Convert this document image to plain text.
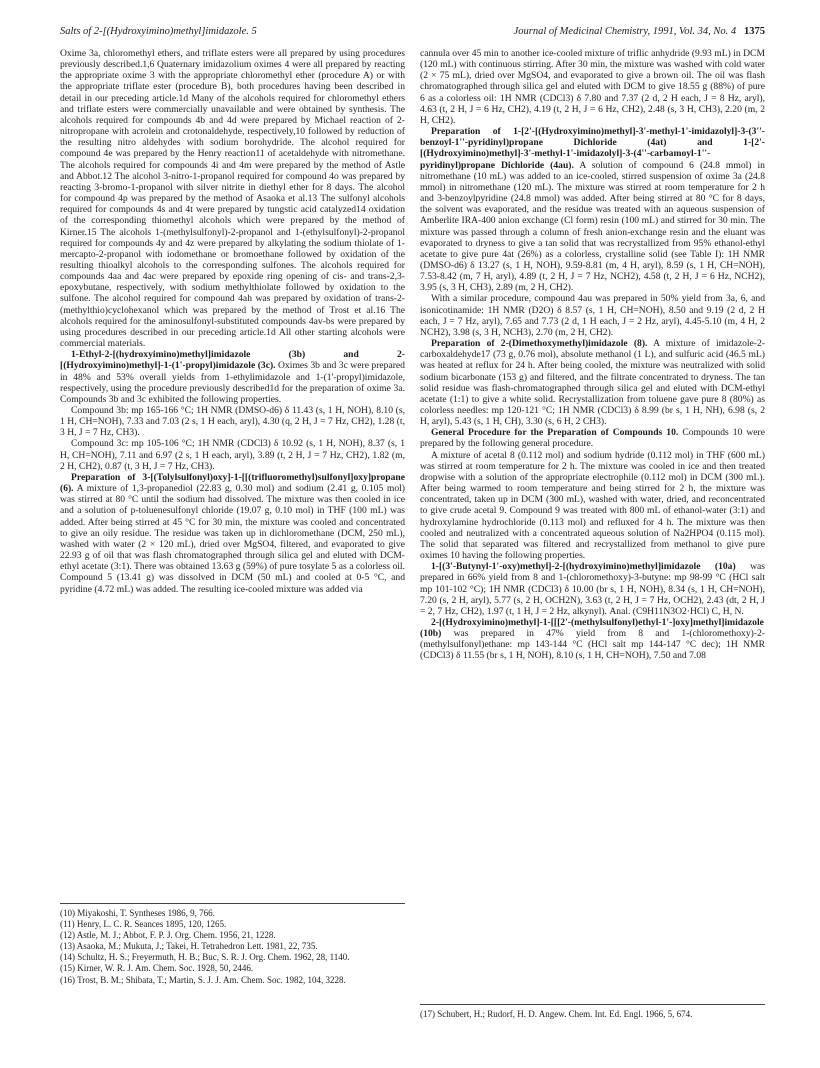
Salts of 2-[(Hydroxyimino)methyl]imidazole. 5	Journal of Medicinal Chemistry, 1991, Vol. 34, No. 4 1375

Oxime 3a, chloromethyl ethers, and triflate esters were all prepared by using procedures previously described.1,6 Quaternary imidazolium oximes 4 were all prepared by reacting the appropriate oxime 3 with the appropriate chloromethyl ether (procedure A) or with the appropriate triflate ester (procedure B), both procedures having been described in detail in our preceding article.1d Many of the alcohols required for chloromethyl ethers and triflate esters were commercially unavailable and were obtained by synthesis. The alcohols required for compounds 4b and 4d were prepared by Michael reaction of 2-nitropropane with acrolein and crotonaldehyde, respectively,10 followed by reduction of the resulting nitro aldehydes with sodium borohydride. The alcohol required for compound 4e was prepared by the Henry reaction11 of acetaldehyde with nitromethane. The alcohols required for compounds 4i and 4m were prepared by the method of Astle and Abbot.12 The alcohol 3-nitro-1-propanol required for compound 4o was prepared by reacting 3-bromo-1-propanol with silver nitrite in diethyl ether for 8 days. The alcohol for compound 4p was prepared by the method of Asaoka et al.13 The sulfonyl alcohols required for compounds 4s and 4t were prepared by tungstic acid catalyzed14 oxidation of the corresponding thiomethyl alcohols which were prepared by the method of Kirner.15 The alcohols 1-(methylsulfonyl)-2-propanol and 1-(ethylsulfonyl)-2-propanol required for compounds 4y and 4z were prepared by alkylating the sodium thiolate of 1-mercapto-2-propanol with iodomethane or bromoethane followed by oxidation of the resulting thioalkyl alcohols to the corresponding sulfones. The alcohols required for compounds 4aa and 4ac were prepared by epoxide ring opening of cis- and trans-2,3-epoxybutane, respectively, with sodium methylthiolate followed by oxidation to the sulfone. The alcohol required for compound 4ah was prepared by oxidation of trans-2-(methylthio)cyclohexanol which was prepared by the method of Trost et al.16 The alcohols required for the aminosulfonyl-substituted compounds 4av-bs were prepared by using procedures described in our preceding article.1d All other starting alcohols were commercial materials.

1-Ethyl-2-[(hydroxyimino)methyl]imidazole (3b) and 2-[(Hydroxyimino)methyl]-1-(1'-propyl)imidazole (3c). Oximes 3b and 3c were prepared in 48% and 53% overall yields from 1-ethylimidazole and 1-(1'-propyl)imidazole, respectively, using the procedure previously described1d for the preparation of oxime 3a. Compounds 3b and 3c exhibited the following properties.

Compound 3b: mp 165-166 °C; 1H NMR (DMSO-d6) δ 11.43 (s, 1 H, NOH), 8.10 (s, 1 H, CH=NOH), 7.33 and 7.03 (2 s, 1 H each, aryl), 4.30 (q, 2 H, J = 7 Hz, CH2), 1.28 (t, 3 H, J = 7 Hz, CH3).

Compound 3c: mp 105-106 °C; 1H NMR (CDCl3) δ 10.92 (s, 1 H, NOH), 8.37 (s, 1 H, CH=NOH), 7.11 and 6.97 (2 s, 1 H each, aryl), 3.89 (t, 2 H, J = 7 Hz, CH2), 1.82 (m, 2 H, CH2), 0.87 (t, 3 H, J = 7 Hz, CH3).

Preparation of 3-[(Tolylsulfonyl)oxy]-1-[[(trifluoromethyl)sulfonyl]oxy]propane (6). A mixture of 1,3-propanediol (22.83 g, 0.30 mol) and sodium (2.41 g, 0.105 mol) was stirred at 80 °C until the sodium had dissolved. The mixture was then cooled in ice and a solution of p-toluenesulfonyl chloride (19.07 g, 0.10 mol) in THF (100 mL) was added. After being stirred at 45 °C for 30 min, the mixture was cooled and concentrated to give an oily residue. The residue was taken up in dichloromethane (DCM, 250 mL), washed with water (2 × 120 mL), dried over MgSO4, filtered, and evaporated to give 22.93 g of oil that was flash chromatographed through silica gel and eluted with DCM-ethyl acetate (3:1). There was obtained 13.63 g (59%) of pure tosylate 5 as a colorless oil. Compound 5 (13.41 g) was dissolved in DCM (50 mL) and cooled at 0-5 °C, and pyridine (4.72 mL) was added. The resulting ice-cooled mixture was added via

(10) Miyakoshi, T. Syntheses 1986, 9, 766.
(11) Henry, L. C. R. Seances 1895, 120, 1265.
(12) Astle, M. J.; Abbot, F. P. J. Org. Chem. 1956, 21, 1228.
(13) Asaoka, M.; Mukuta, J.; Takei, H. Tetrahedron Lett. 1981, 22, 735.
(14) Schultz, H. S.; Freyermuth, H. B.; Buc, S. R. J. Org. Chem. 1962, 28, 1140.
(15) Kirner, W. R. J. Am. Chem. Soc. 1928, 50, 2446.
(16) Trost, B. M.; Shibata, T.; Martin, S. J. J. Am. Chem. Soc. 1982, 104, 3228.

cannula over 45 min to another ice-cooled mixture of triflic anhydride (9.93 mL) in DCM (120 mL) with continuous stirring. After 30 min, the mixture was washed with cold water (2 × 75 mL), dried over MgSO4, and evaporated to give a brown oil. The oil was flash chromatographed through silica gel and eluted with DCM to give 18.55 g (88%) of pure 6 as a colorless oil: 1H NMR (CDCl3) δ 7.80 and 7.37 (2 d, 2 H each, J = 8 Hz, aryl), 4.63 (t, 2 H, J = 6 Hz, CH2), 4.19 (t, 2 H, J = 6 Hz, CH2), 2.48 (s, 3 H, CH3), 2.20 (m, 2 H, CH2).

Preparation of 1-[2'-[(Hydroxyimino)methyl]-3'-methyl-1'-imidazolyl]-3-(3''-benzoyl-1''-pyridinyl)propane Dichloride (4at) and 1-[2'-[(Hydroxyimino)methyl]-3'-methyl-1'-imidazolyl]-3-(4''-carbamoyl-1''-pyridinyl)propane Dichloride (4au). A solution of compound 6 (24.8 mmol) in nitromethane (10 mL) was added to an ice-cooled, stirred suspension of oxime 3a (24.8 mmol) in nitromethane (120 mL). The mixture was stirred at room temperature for 2 h and 3-benzoylpyridine (24.8 mmol) was added. After being stirred at 80 °C for 8 days, the solvent was evaporated, and the residue was treated with an aqueous suspension of Amberlite IRA-400 anion exchange (Cl form) resin (100 mL) and stirred for 30 min. The mixture was passed through a column of fresh anion-exchange resin and the eluant was evaporated to dryness to give a tan solid that was recrystallized from 95% ethanol-ethyl acetate to give pure 4at (26%) as a colorless, crystalline solid (see Table I): 1H NMR (DMSO-d6) δ 13.27 (s, 1 H, NOH), 9.59-8.81 (m, 4 H, aryl), 8.59 (s, 1 H, CH=NOH), 7.53-8.42 (m, 7 H, aryl), 4.89 (t, 2 H, J = 7 Hz, NCH2), 4.58 (t, 2 H, J = 6 Hz, NCH2), 3.95 (s, 3 H, CH3), 2.89 (m, 2 H, CH2).

With a similar procedure, compound 4au was prepared in 50% yield from 3a, 6, and isonicotinamide: 1H NMR (D2O) δ 8.57 (s, 1 H, CH=NOH), 8.50 and 9.19 (2 d, 2 H each, J = 7 Hz, aryl), 7.65 and 7.73 (2 d, 1 H each, J = 2 Hz, aryl), 4.45-5.10 (m, 4 H, 2 NCH2), 3.98 (s, 3 H, NCH3), 2.70 (m, 2 H, CH2).

Preparation of 2-(Dimethoxymethyl)imidazole (8). A mixture of imidazole-2-carboxaldehyde17 (73 g, 0.76 mol), absolute methanol (1 L), and sulfuric acid (46.5 mL) was heated at reflux for 24 h. After being cooled, the mixture was neutralized with solid sodium bicarbonate (153 g) and filtered, and the filtrate concentrated to dryness. The tan solid residue was flash-chromatographed through silica gel and eluted with DCM-ethyl acetate (1:1) to give a white solid. Recrystallization from toluene gave pure 8 (80%) as colorless needles: mp 120-121 °C; 1H NMR (CDCl3) δ 8.99 (br s, 1 H, NH), 6.98 (s, 2 H, aryl), 5.43 (s, 1 H, CH), 3.30 (s, 6 H, 2 CH3).

General Procedure for the Preparation of Compounds 10. Compounds 10 were prepared by the following general procedure.

A mixture of acetal 8 (0.112 mol) and sodium hydride (0.112 mol) in THF (600 mL) was stirred at room temperature for 2 h. The mixture was cooled in ice and then treated dropwise with a solution of the appropriate electrophile (0.112 mol) in DCM (300 mL). After being warmed to room temperature and being stirred for 2 h, the mixture was concentrated, taken up in DCM (300 mL), washed with water, dried, and reconcentrated to give crude acetal 9. Compound 9 was treated with 800 mL of ethanol-water (3:1) and hydroxylamine hydrochloride (0.113 mol) and refluxed for 4 h. The mixture was then cooled and neutralized with a concentrated aqueous solution of Na2HPO4 (0.115 mol). The solid that separated was filtered and recrystallized from methanol to give pure oximes 10 having the following properties.

1-[(3'-Butynyl-1'-oxy)methyl]-2-[(hydroxyimino)methyl]imidazole (10a) was prepared in 66% yield from 8 and 1-(chloromethoxy)-3-butyne: mp 98-99 °C (HCl salt mp 101-102 °C); 1H NMR (CDCl3) δ 10.00 (br s, 1 H, NOH), 8.34 (s, 1 H, CH=NOH), 7.20 (s, 2 H, aryl), 5.77 (s, 2 H, OCH2N), 3.63 (t, 2 H, J = 7 Hz, OCH2), 2.43 (dt, 2 H, J = 2, 7 Hz, CH2), 1.97 (t, 1 H, J = 2 Hz, alkynyl). Anal. (C9H11N3O2·HCl) C, H, N.

2-[(Hydroxyimino)methyl]-1-[[[2'-(methylsulfonyl)ethyl-1'-]oxy]methyl]imidazole (10b) was prepared in 47% yield from 8 and 1-(chloromethoxy)-2-(methylsulfonyl)ethane: mp 143-144 °C (HCl salt mp 144-147 °C dec); 1H NMR (CDCl3) δ 11.55 (br s, 1 H, NOH), 8.10 (s, 1 H, CH=NOH), 7.50 and 7.08

(17) Schubert, H.; Rudorf, H. D. Angew. Chem. Int. Ed. Engl. 1966, 5, 674.
